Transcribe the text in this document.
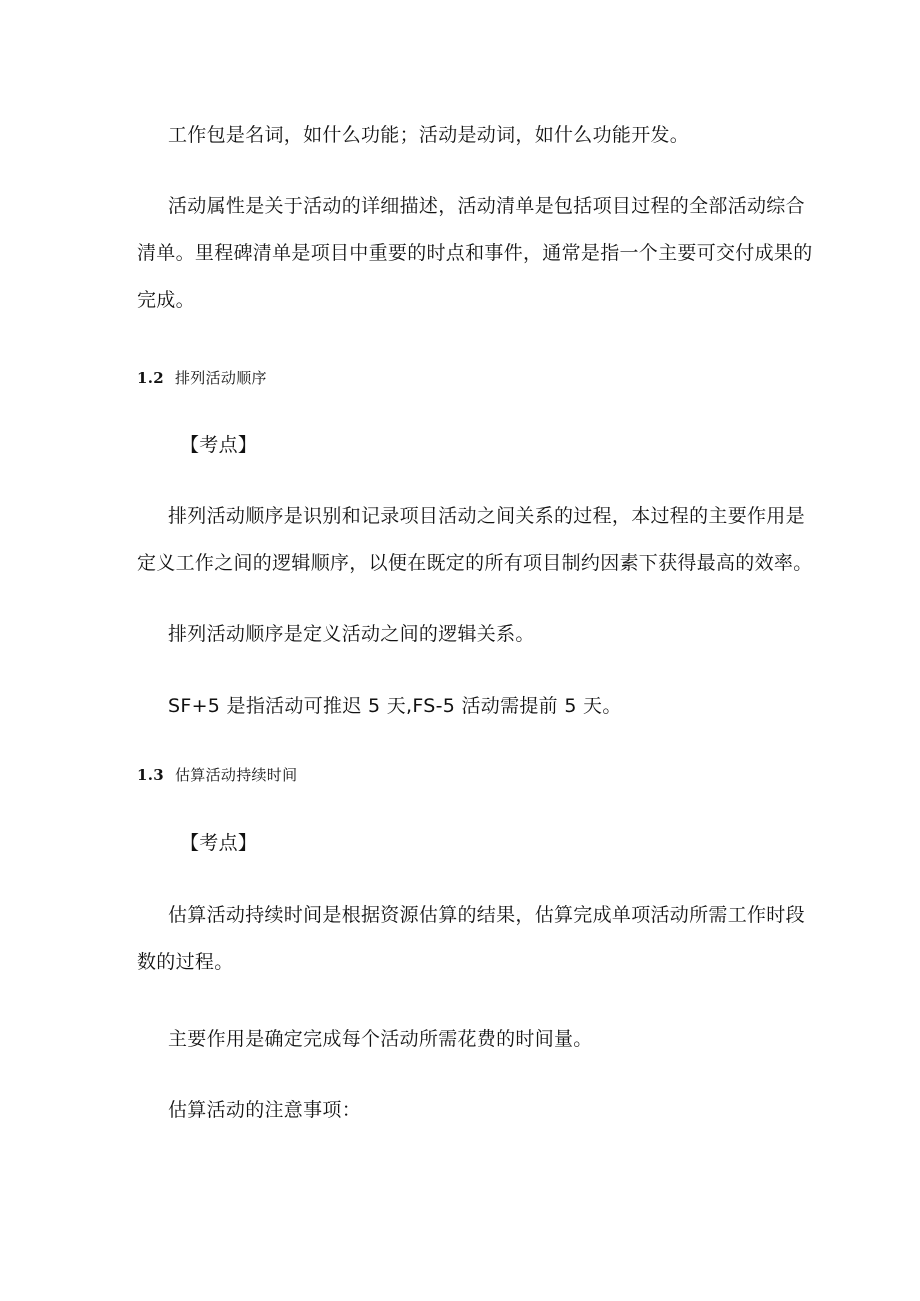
工作包是名词，如什么功能；活动是动词，如什么功能开发。
活动属性是关于活动的详细描述，活动清单是包括项目过程的全部活动综合
清单。里程碑清单是项目中重要的时点和事件，通常是指一个主要可交付成果的
完成。
1.2 排列活动顺序
【考点】
排列活动顺序是识别和记录项目活动之间关系的过程，本过程的主要作用是
定义工作之间的逻辑顺序，以便在既定的所有项目制约因素下获得最高的效率。
排列活动顺序是定义活动之间的逻辑关系。
SF+5 是指活动可推迟 5 天,FS-5 活动需提前 5 天。
1.3 估算活动持续时间
【考点】
估算活动持续时间是根据资源估算的结果，估算完成单项活动所需工作时段
数的过程。
主要作用是确定完成每个活动所需花费的时间量。
估算活动的注意事项：
